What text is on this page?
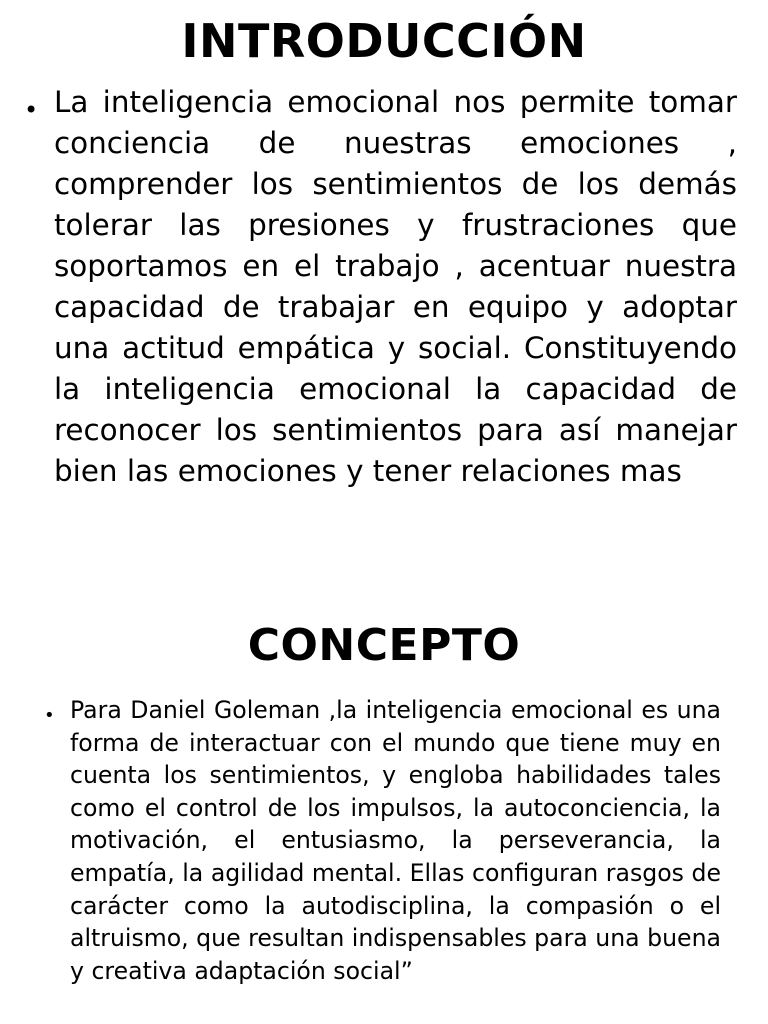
INTRODUCCIÓN
• La inteligencia emocional nos permite tomar conciencia de nuestras emociones , comprender los sentimientos de los demás tolerar las presiones y frustraciones que soportamos en el trabajo , acentuar nuestra capacidad de trabajar en equipo y adoptar una actitud empática y social. Constituyendo la inteligencia emocional la capacidad de reconocer los sentimientos para así manejar bien las emociones y tener relaciones mas

CONCEPTO
• Para Daniel Goleman ,la inteligencia emocional es una forma de interactuar con el mundo que tiene muy en cuenta los sentimientos, y engloba habilidades tales como el control de los impulsos, la autoconciencia, la motivación, el entusiasmo, la perseverancia, la empatía, la agilidad mental. Ellas configuran rasgos de carácter como la autodisciplina, la compasión o el altruismo, que resultan indispensables para una buena y creativa adaptación social”
